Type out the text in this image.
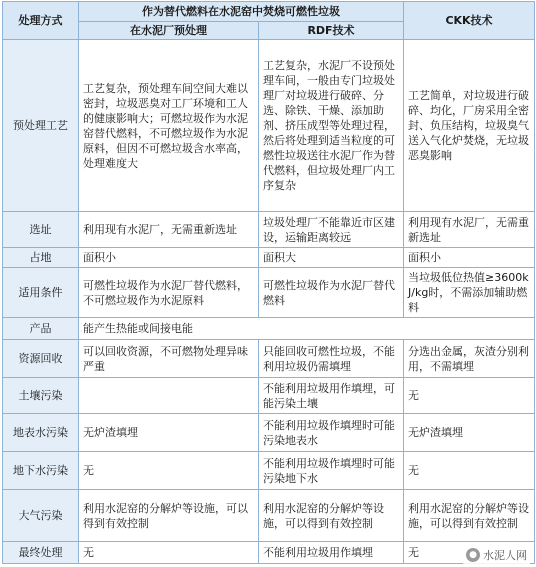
处理方式	作为替代燃料在水泥窑中焚烧可燃性垃圾		CKK技术
	在水泥厂预处理	RDF技术	
预处理工艺	工艺复杂，预处理车间空间大难以密封，垃圾恶臭对工厂环境和工人的健康影响大；可燃垃圾作为水泥窑替代燃料，不可燃垃圾作为水泥原料，但因不可燃垃圾含水率高，处理难度大	工艺复杂，水泥厂不设预处理车间，一般由专门垃圾处理厂对垃圾进行破碎、分选、除铁、干燥、添加助剂、挤压成型等处理过程，然后将处理到适当粒度的可燃性垃圾送往水泥厂作为替代燃料，但垃圾处理厂内工序复杂	工艺简单，对垃圾进行破碎、均化，厂房采用全密封、负压结构，垃圾臭气送入气化炉焚烧，无垃圾恶臭影响
选址	利用现有水泥厂，无需重新选址	垃圾处理厂不能靠近市区建设，运输距离较远	利用现有水泥厂，无需重新选址
占地	面积小	面积大	面积小
适用条件	可燃性垃圾作为水泥厂替代燃料，不可燃垃圾作为水泥原料	可燃性垃圾作为水泥厂替代燃料	当垃圾低位热值≥3600kJ/kg时，不需添加辅助燃料
产品	能产生热能或间接电能		
资源回收	可以回收资源，不可燃物处理异味严重	只能回收可燃性垃圾，不能利用垃圾仍需填埋	分选出金属，灰渣分别利用，不需填埋
土壤污染		不能利用垃圾用作填埋，可能污染土壤	无
地表水污染	无炉渣填埋	不能利用垃圾作填埋时可能污染地表水	无炉渣填埋
地下水污染	无	不能利用垃圾作填埋时可能污染地下水	无
大气污染	利用水泥窑的分解炉等设施，可以得到有效控制	利用水泥窑的分解炉等设施，可以得到有效控制	利用水泥窑的分解炉等设施，可以得到有效控制
最终处理	无	不能利用垃圾用作填埋	无	● 水泥人网
